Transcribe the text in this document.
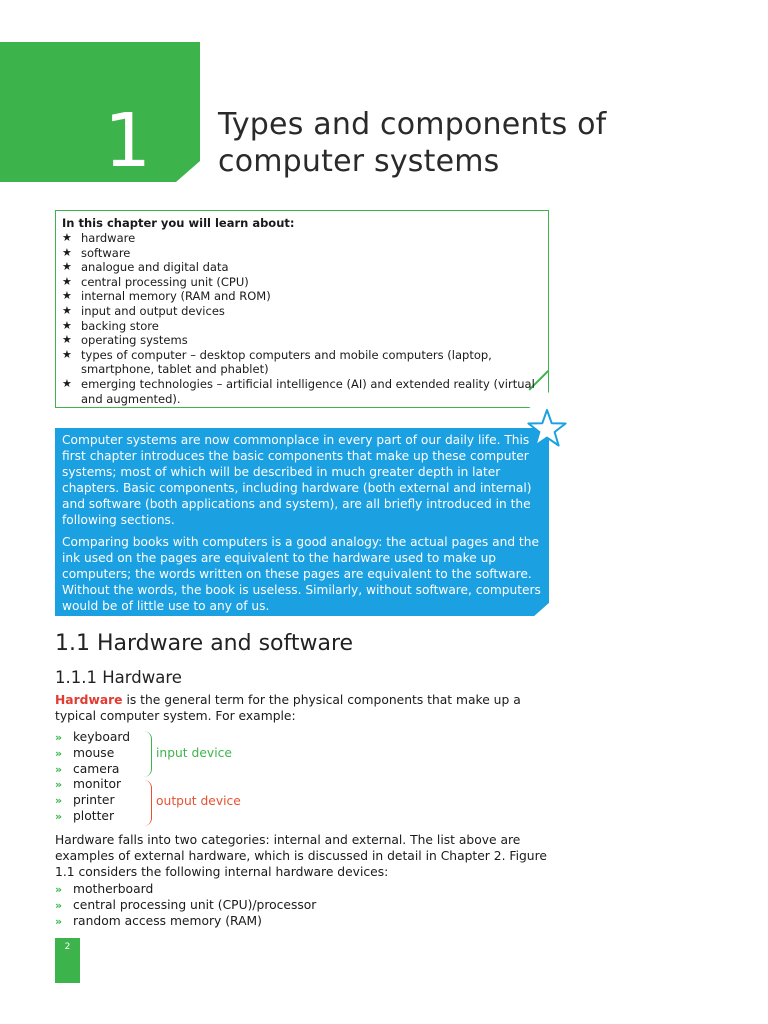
1 Types and components of computer systems
In this chapter you will learn about:
★ hardware
★ software
★ analogue and digital data
★ central processing unit (CPU)
★ internal memory (RAM and ROM)
★ input and output devices
★ backing store
★ operating systems
★ types of computer – desktop computers and mobile computers (laptop, smartphone, tablet and phablet)
★ emerging technologies – artificial intelligence (AI) and extended reality (virtual and augmented).

Computer systems are now commonplace in every part of our daily life. This first chapter introduces the basic components that make up these computer systems; most of which will be described in much greater depth in later chapters. Basic components, including hardware (both external and internal) and software (both applications and system), are all briefly introduced in the following sections.

Comparing books with computers is a good analogy: the actual pages and the ink used on the pages are equivalent to the hardware used to make up computers; the words written on these pages are equivalent to the software. Without the words, the book is useless. Similarly, without software, computers would be of little use to any of us.

1.1 Hardware and software
1.1.1 Hardware
Hardware is the general term for the physical components that make up a typical computer system. For example:
» keyboard
» mouse
» camera
» monitor
» printer
» plotter
input device
output device
Hardware falls into two categories: internal and external. The list above are examples of external hardware, which is discussed in detail in Chapter 2. Figure 1.1 considers the following internal hardware devices:
» motherboard
» central processing unit (CPU)/processor
» random access memory (RAM)
2
